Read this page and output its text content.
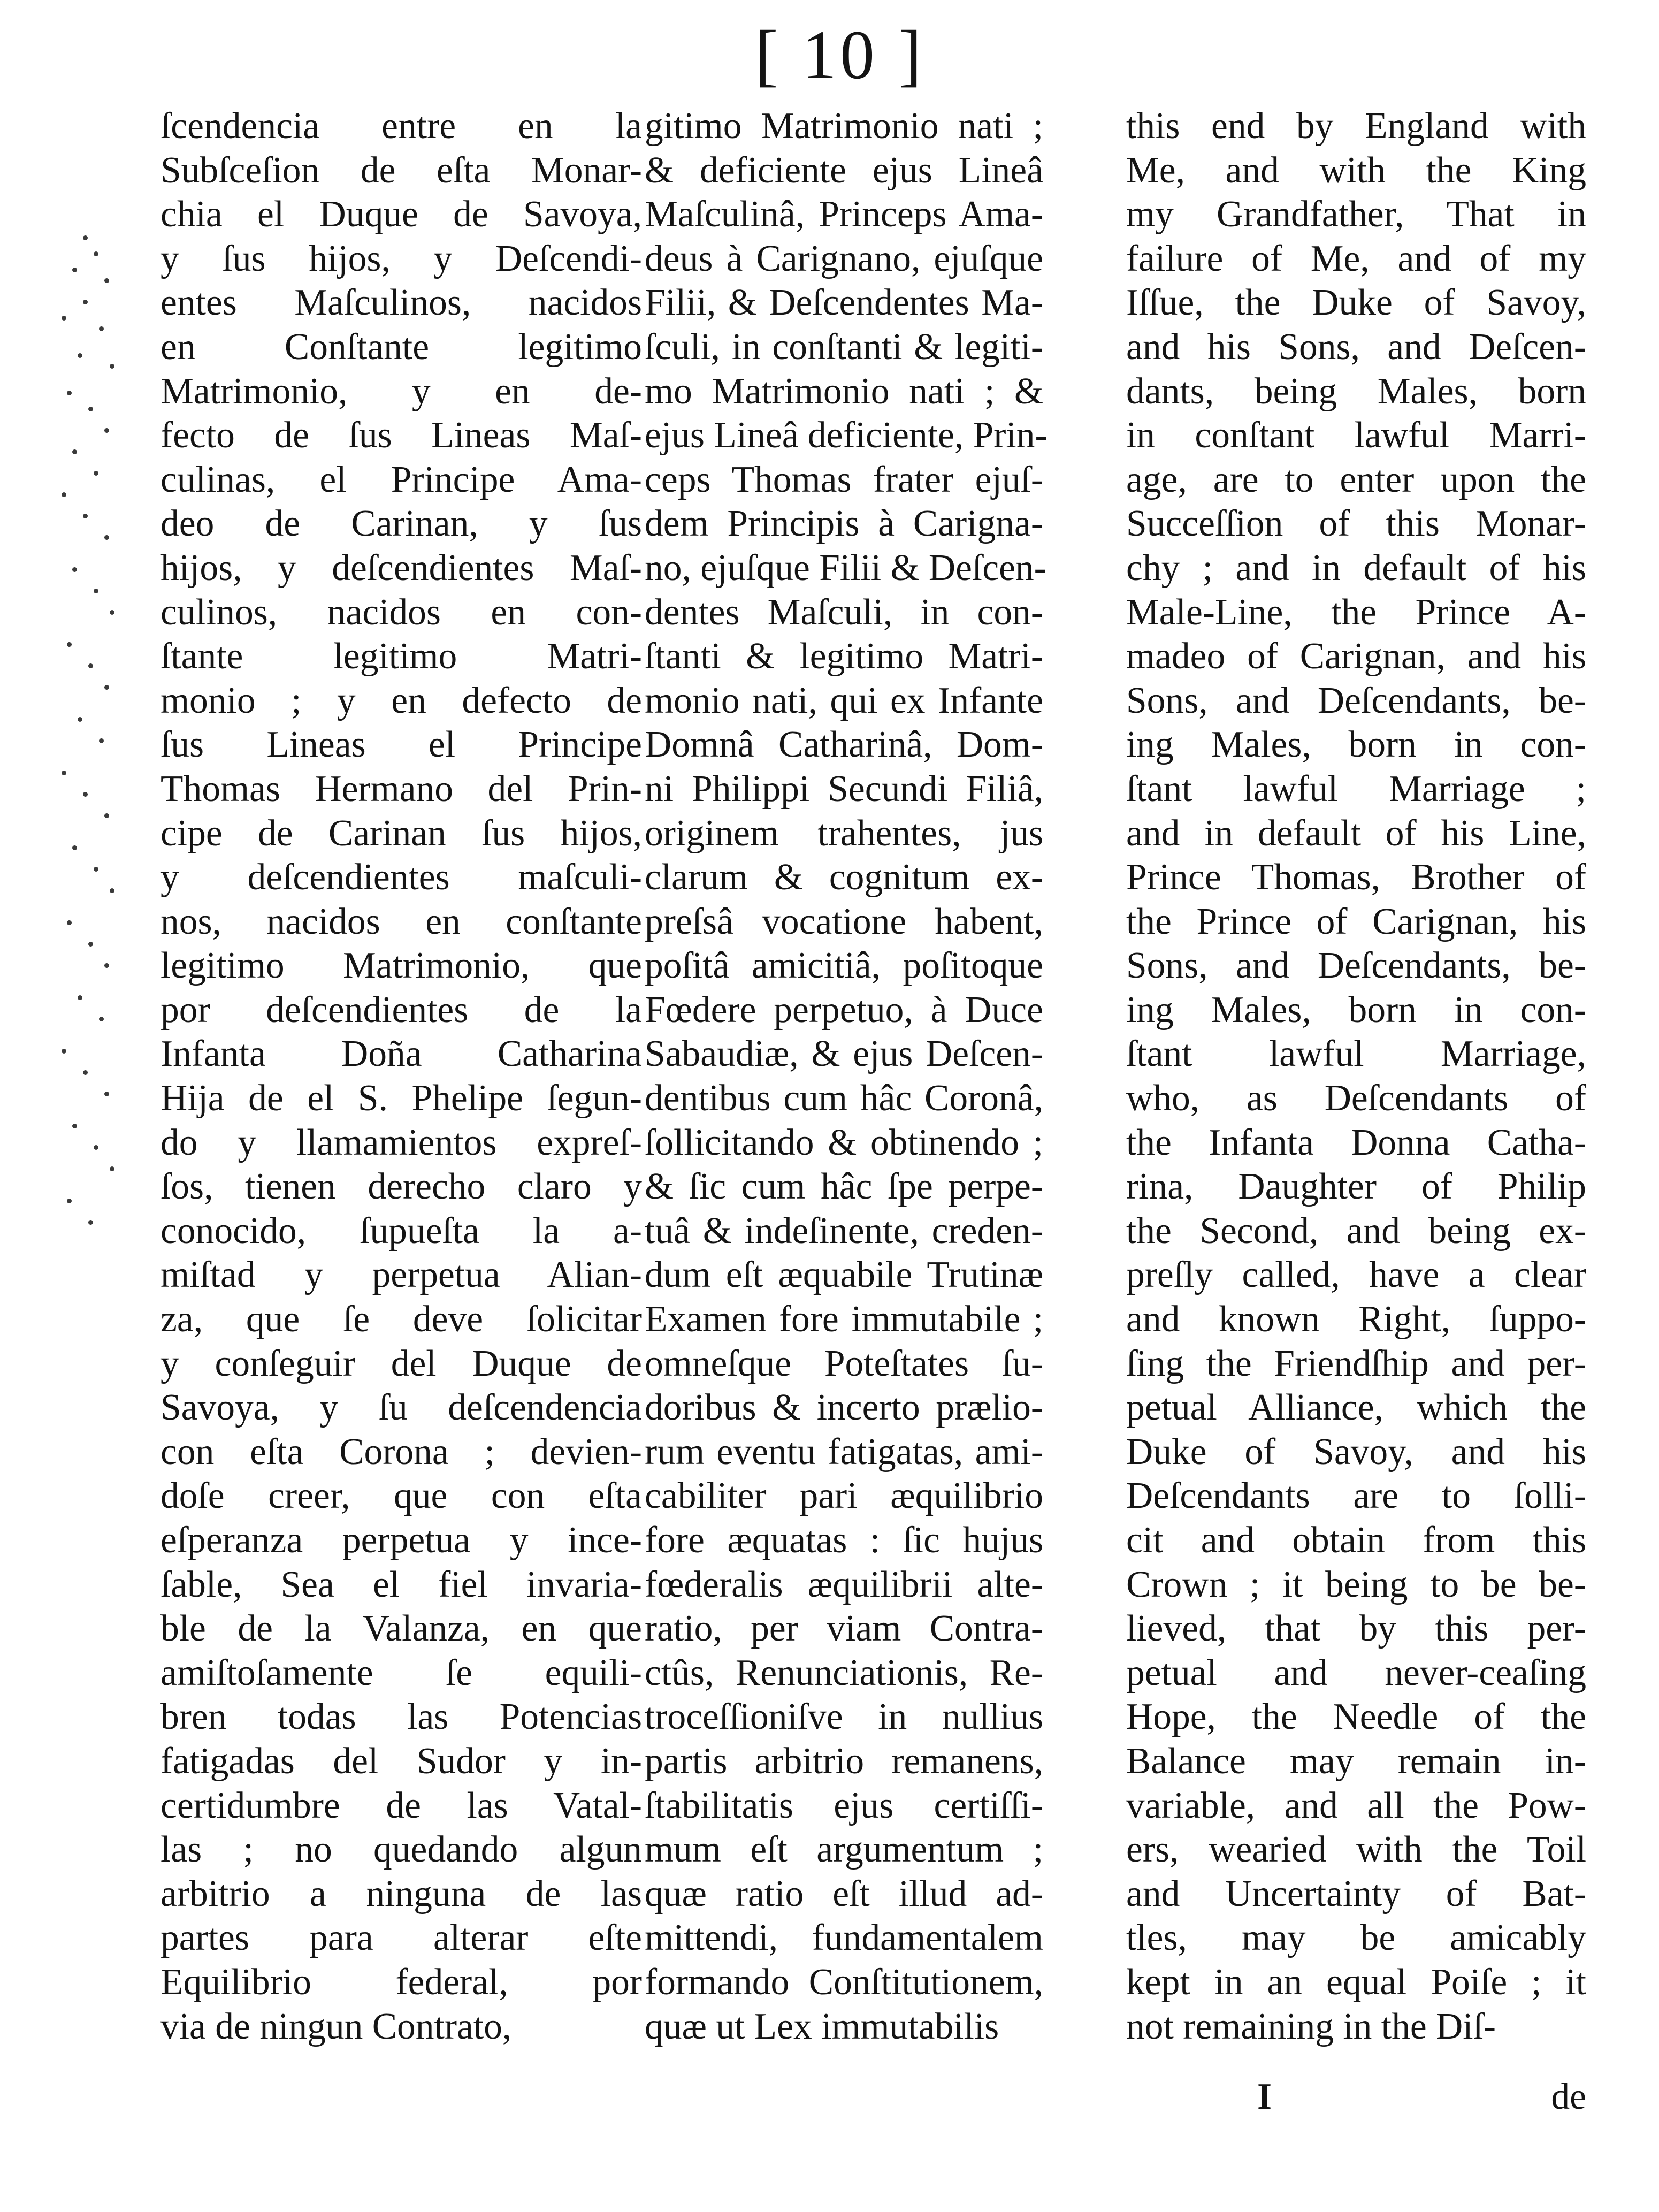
[ 10 ]
ſcendencia entre en la
Subſceſion de eſta Monar-
chia el Duque de Savoya,
y ſus hijos, y Deſcendi-
entes Maſculinos, nacidos
en Conſtante legitimo
Matrimonio, y en de-
fecto de ſus Lineas Maſ-
culinas, el Principe Ama-
deo de Carinan, y ſus
hijos, y deſcendientes Maſ-
culinos, nacidos en con-
ſtante legitimo Matri-
monio ; y en defecto de
ſus Lineas el Principe
Thomas Hermano del Prin-
cipe de Carinan ſus hijos,
y deſcendientes maſculi-
nos, nacidos en conſtante
legitimo Matrimonio, que
por deſcendientes de la
Infanta Doña Catharina
Hija de el S. Phelipe ſegun-
do y llamamientos expreſ-
ſos, tienen derecho claro y
conocido, ſupueſta la a-
miſtad y perpetua Alian-
za, que ſe deve ſolicitar
y conſeguir del Duque de
Savoya, y ſu deſcendencia
con eſta Corona ; devien-
doſe creer, que con eſta
eſperanza perpetua y ince-
ſable, Sea el fiel invaria-
ble de la Valanza, en que
amiſtoſamente ſe equili-
bren todas las Potencias
fatigadas del Sudor y in-
certidumbre de las Vatal-
las ; no quedando algun
arbitrio a ninguna de las
partes para alterar eſte
Equilibrio federal, por
via de ningun Contrato,
gitimo Matrimonio nati ;
& deficiente ejus Lineâ
Maſculinâ, Princeps Ama-
deus à Carignano, ejuſque
Filii, & Deſcendentes Ma-
ſculi, in conſtanti & legiti-
mo Matrimonio nati ; &
ejus Lineâ deficiente, Prin-
ceps Thomas frater ejuſ-
dem Principis à Carigna-
no, ejuſque Filii & Deſcen-
dentes Maſculi, in con-
ſtanti & legitimo Matri-
monio nati, qui ex Infante
Domnâ Catharinâ, Dom-
ni Philippi Secundi Filiâ,
originem trahentes, jus
clarum & cognitum ex-
preſsâ vocatione habent,
poſitâ amicitiâ, poſitoque
Fœdere perpetuo, à Duce
Sabaudiæ, & ejus Deſcen-
dentibus cum hâc Coronâ,
ſollicitando & obtinendo ;
& ſic cum hâc ſpe perpe-
tuâ & indeſinente, creden-
dum eſt æquabile Trutinæ
Examen fore immutabile ;
omneſque Poteſtates ſu-
doribus & incerto prælio-
rum eventu fatigatas, ami-
cabiliter pari æquilibrio
fore æquatas : ſic hujus
fœderalis æquilibrii alte-
ratio, per viam Contra-
ctûs, Renunciationis, Re-
troceſſioniſve in nullius
partis arbitrio remanens,
ſtabilitatis ejus certiſſi-
mum eſt argumentum ;
quæ ratio eſt illud ad-
mittendi, fundamentalem
formando Conſtitutionem,
quæ ut Lex immutabilis
this end by England with
Me, and with the King
my Grandfather, That in
failure of Me, and of my
Iſſue, the Duke of Savoy,
and his Sons, and Deſcen-
dants, being Males, born
in conſtant lawful Marri-
age, are to enter upon the
Succeſſion of this Monar-
chy ; and in default of his
Male-Line, the Prince A-
madeo of Carignan, and his
Sons, and Deſcendants, be-
ing Males, born in con-
ſtant lawful Marriage ;
and in default of his Line,
Prince Thomas, Brother of
the Prince of Carignan, his
Sons, and Deſcendants, be-
ing Males, born in con-
ſtant lawful Marriage,
who, as Deſcendants of
the Infanta Donna Catha-
rina, Daughter of Philip
the Second, and being ex-
preſly called, have a clear
and known Right, ſuppo-
ſing the Friendſhip and per-
petual Alliance, which the
Duke of Savoy, and his
Deſcendants are to ſolli-
cit and obtain from this
Crown ; it being to be be-
lieved, that by this per-
petual and never-ceaſing
Hope, the Needle of the
Balance may remain in-
variable, and all the Pow-
ers, wearied with the Toil
and Uncertainty of Bat-
tles, may be amicably
kept in an equal Poiſe ; it
not remaining in the Diſ-
I	de
